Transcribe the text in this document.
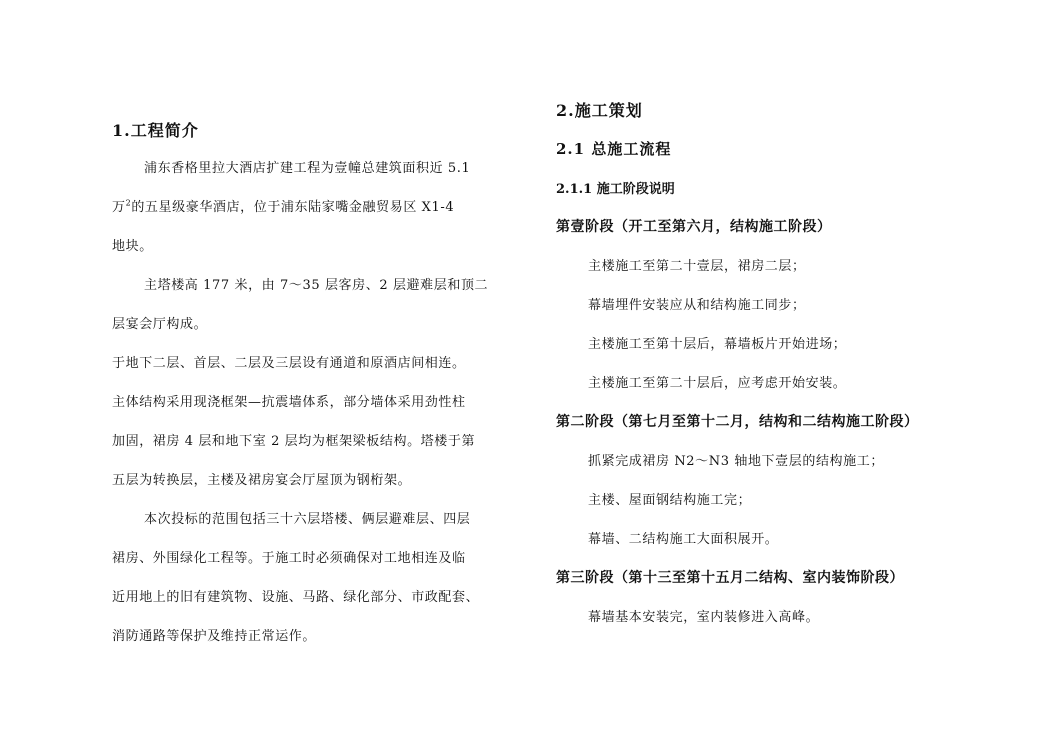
1.工程简介
浦东香格里拉大酒店扩建工程为壹幢总建筑面积近 5.1
万$^2$的五星级豪华酒店，位于浦东陆家嘴金融贸易区 X1-4
地块。
主塔楼高 177 米，由 7～35 层客房、2 层避难层和顶二
层宴会厅构成。
于地下二层、首层、二层及三层设有通道和原酒店间相连。
主体结构采用现浇框架—抗震墙体系，部分墙体采用劲性柱
加固，裙房 4 层和地下室 2 层均为框架梁板结构。塔楼于第
五层为转换层，主楼及裙房宴会厅屋顶为钢桁架。
本次投标的范围包括三十六层塔楼、俩层避难层、四层
裙房、外围绿化工程等。于施工时必须确保对工地相连及临
近用地上的旧有建筑物、设施、马路、绿化部分、市政配套、
消防通路等保护及维持正常运作。
2.施工策划
2.1 总施工流程
2.1.1 施工阶段说明
第壹阶段（开工至第六月，结构施工阶段）
主楼施工至第二十壹层，裙房二层；
幕墙埋件安装应从和结构施工同步；
主楼施工至第十层后，幕墙板片开始进场；
主楼施工至第二十层后，应考虑开始安装。
第二阶段（第七月至第十二月，结构和二结构施工阶段）
抓紧完成裙房 N2～N3 轴地下壹层的结构施工；
主楼、屋面钢结构施工完；
幕墙、二结构施工大面积展开。
第三阶段（第十三至第十五月二结构、室内装饰阶段）
幕墙基本安装完，室内装修进入高峰。
